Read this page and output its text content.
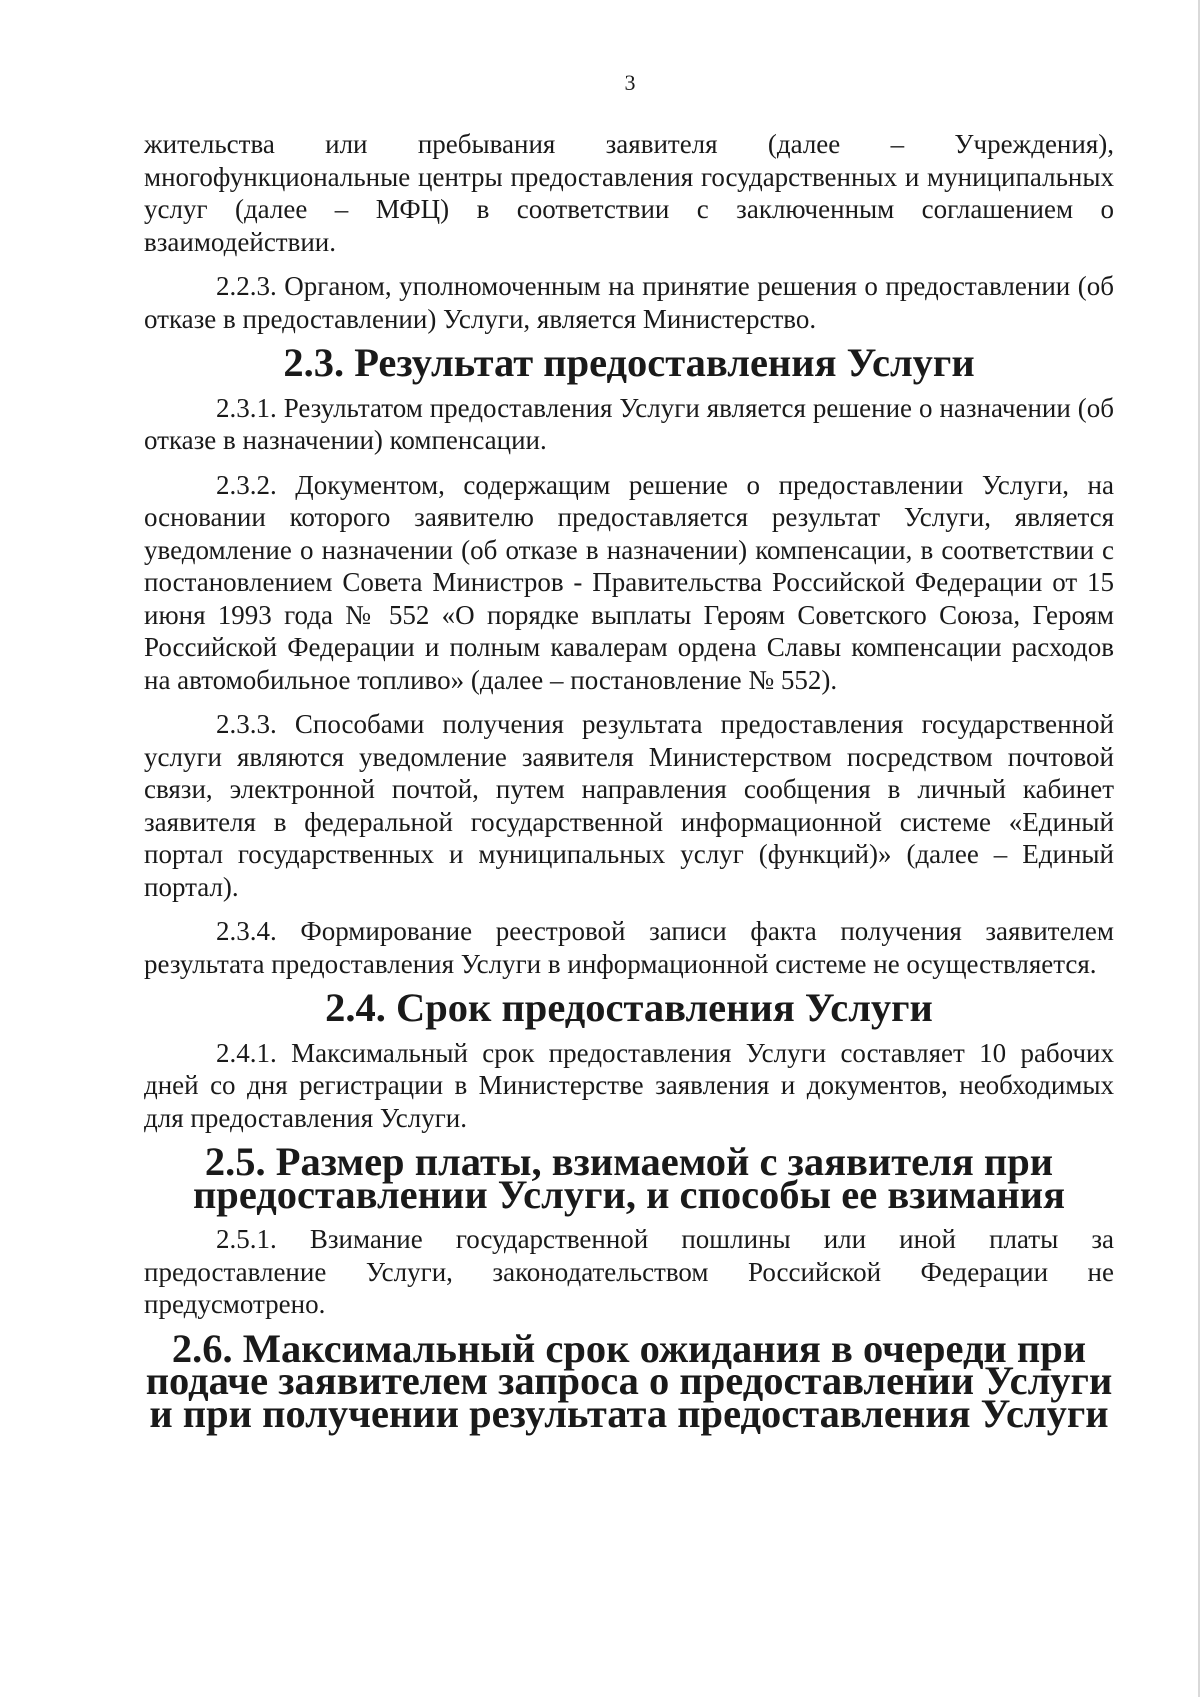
3

жительства или пребывания заявителя (далее – Учреждения), многофункциональные центры предоставления государственных и муниципальных услуг (далее – МФЦ) в соответствии с заключенным соглашением о взаимодействии.

2.2.3. Органом, уполномоченным на принятие решения о предоставлении (об отказе в предоставлении) Услуги, является Министерство.

2.3. Результат предоставления Услуги

2.3.1. Результатом предоставления Услуги является решение о назначении (об отказе в назначении) компенсации.

2.3.2. Документом, содержащим решение о предоставлении Услуги, на основании которого заявителю предоставляется результат Услуги, является уведомление о назначении (об отказе в назначении) компенсации, в соответствии с постановлением Совета Министров - Правительства Российской Федерации от 15 июня 1993 года № 552 «О порядке выплаты Героям Советского Союза, Героям Российской Федерации и полным кавалерам ордена Славы компенсации расходов на автомобильное топливо» (далее – постановление № 552).

2.3.3. Способами получения результата предоставления государственной услуги являются уведомление заявителя Министерством посредством почтовой связи, электронной почтой, путем направления сообщения в личный кабинет заявителя в федеральной государственной информационной системе «Единый портал государственных и муниципальных услуг (функций)» (далее – Единый портал).

2.3.4. Формирование реестровой записи факта получения заявителем результата предоставления Услуги в информационной системе не осуществляется.

2.4. Срок предоставления Услуги

2.4.1. Максимальный срок предоставления Услуги составляет 10 рабочих дней со дня регистрации в Министерстве заявления и документов, необходимых для предоставления Услуги.

2.5. Размер платы, взимаемой с заявителя при предоставлении Услуги, и способы ее взимания

2.5.1. Взимание государственной пошлины или иной платы за предоставление Услуги, законодательством Российской Федерации не предусмотрено.

2.6. Максимальный срок ожидания в очереди при подаче заявителем запроса о предоставлении Услуги и при получении результата предоставления Услуги
